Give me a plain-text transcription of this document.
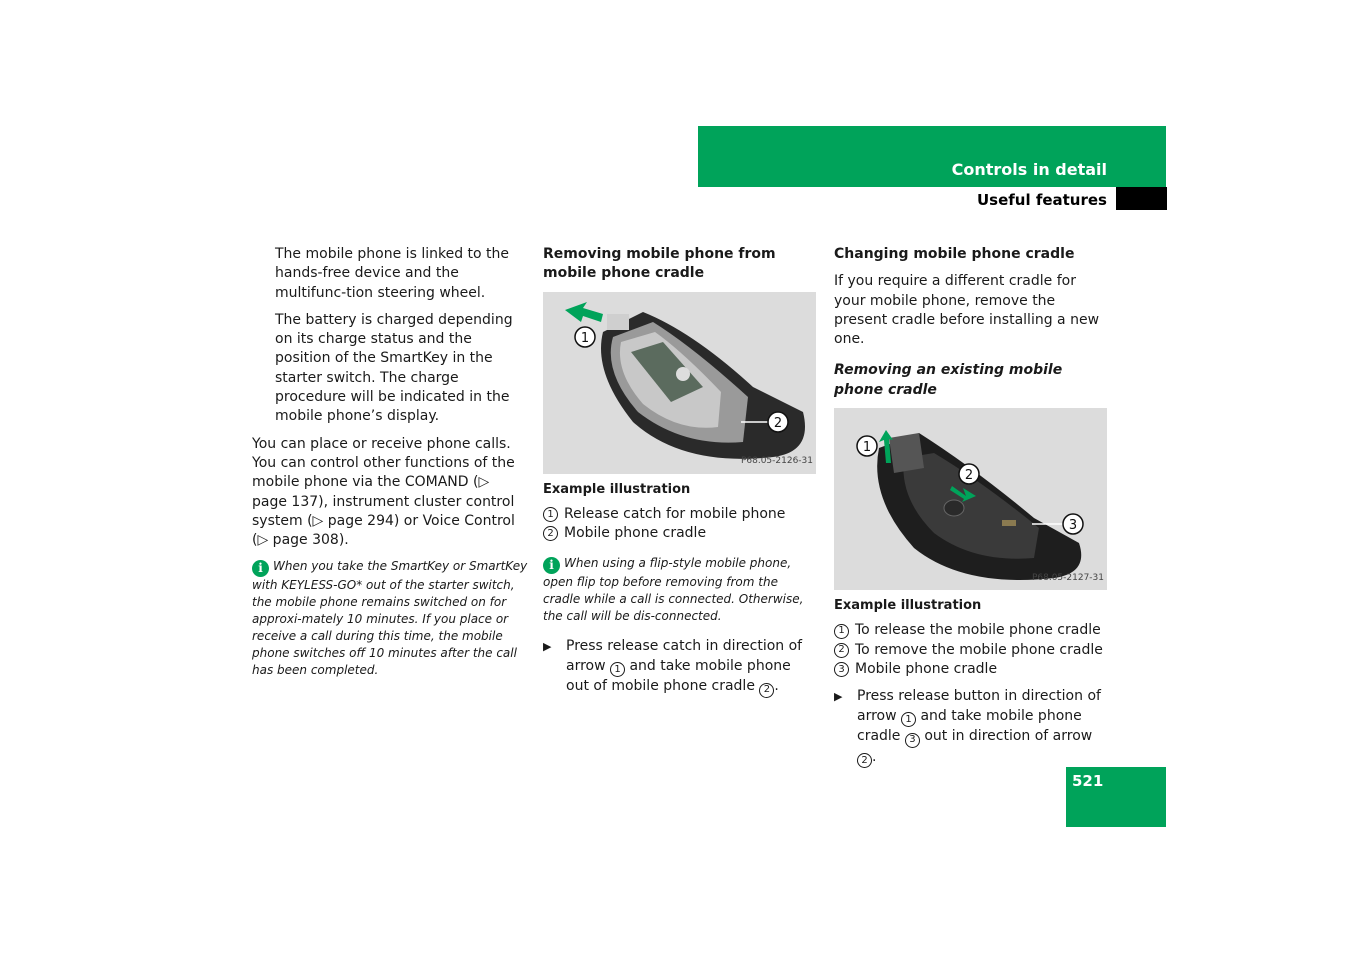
Controls in detail
Useful features

The mobile phone is linked to the hands-free device and the multifunc-tion steering wheel.

The battery is charged depending on its charge status and the position of the SmartKey in the starter switch. The charge procedure will be indicated in the mobile phone’s display.

You can place or receive phone calls. You can control other functions of the mobile phone via the COMAND (▷ page 137), instrument cluster control system (▷ page 294) or Voice Control (▷ page 308).

i When you take the SmartKey or SmartKey with KEYLESS-GO* out of the starter switch, the mobile phone remains switched on for approxi-mately 10 minutes. If you place or receive a call during this time, the mobile phone switches off 10 minutes after the call has been completed.
Removing mobile phone from mobile phone cradle
1
2
P68.05-2126-31
Example illustration
1 Release catch for mobile phone
2 Mobile phone cradle
i When using a flip-style mobile phone, open flip top before removing from the cradle while a call is connected. Otherwise, the call will be dis-connected.
▶	Press release catch in direction of arrow 1 and take mobile phone out of mobile phone cradle 2 .
Changing mobile phone cradle

If you require a different cradle for your mobile phone, remove the present cradle before installing a new one.

Removing an existing mobile phone cradle
1
2
3
P68.05-2127-31
Example illustration
1 To release the mobile phone cradle
2 To remove the mobile phone cradle
3 Mobile phone cradle
▶	Press release button in direction of arrow 1 and take mobile phone cradle 3 out in direction of arrow 2 .
521
